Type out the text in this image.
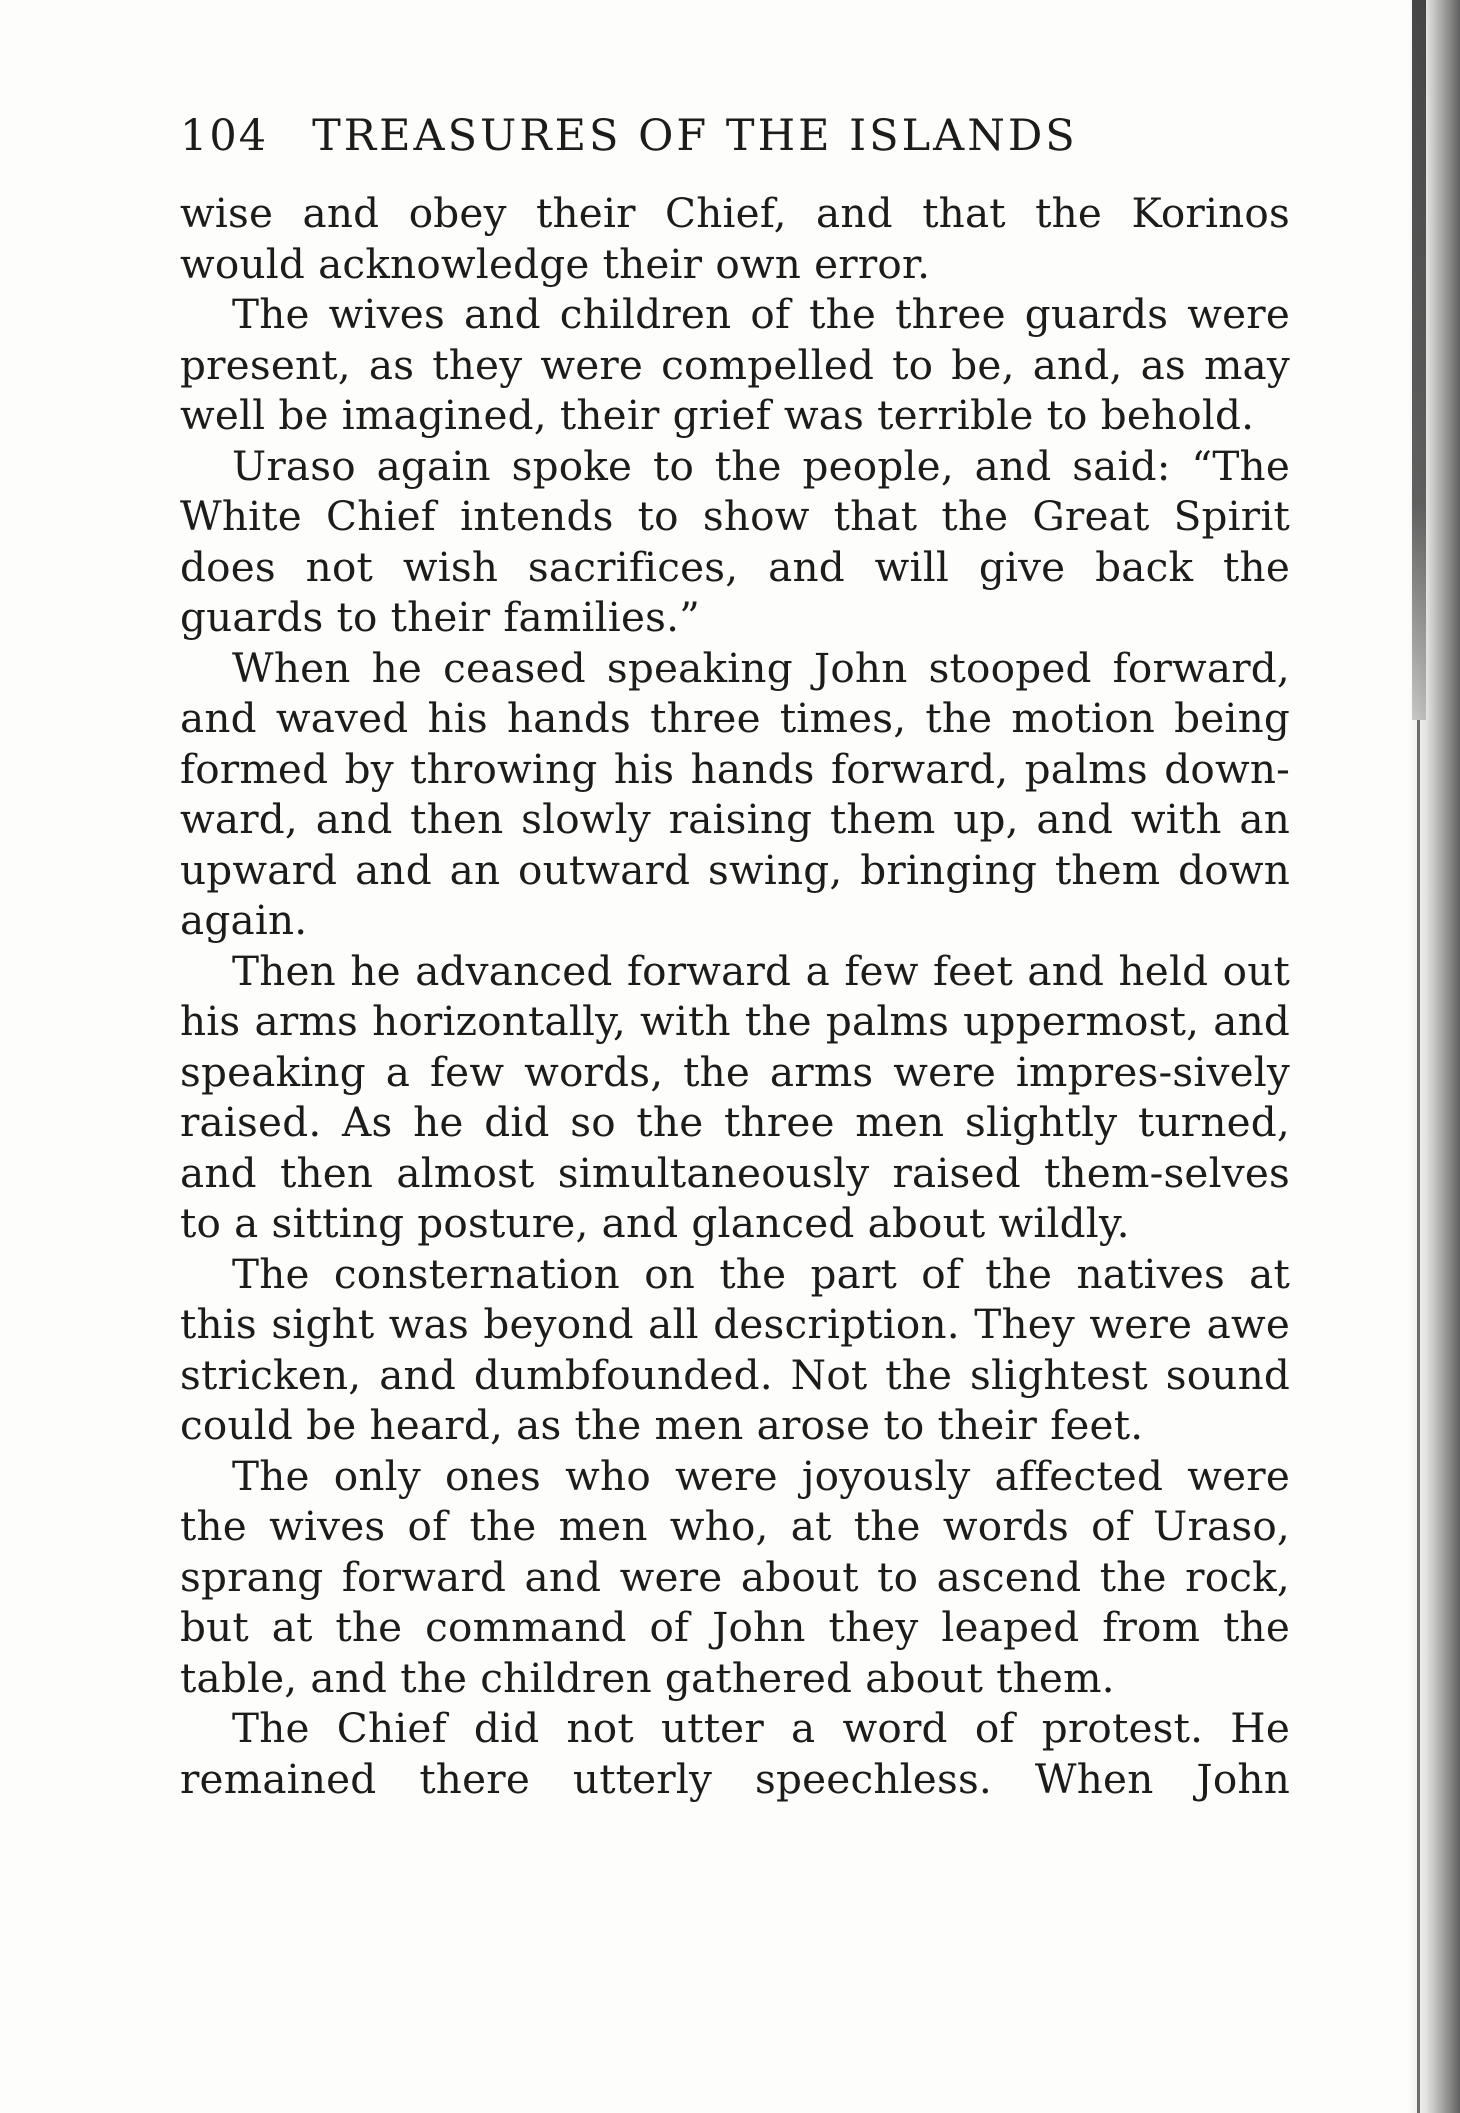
104 TREASURES OF THE ISLANDS

wise and obey their Chief, and that the Korinos would acknowledge their own error.

The wives and children of the three guards were present, as they were compelled to be, and, as may well be imagined, their grief was terrible to behold.

Uraso again spoke to the people, and said: “The White Chief intends to show that the Great Spirit does not wish sacrifices, and will give back the guards to their families.”

When he ceased speaking John stooped forward, and waved his hands three times, the motion being formed by throwing his hands forward, palms down-ward, and then slowly raising them up, and with an upward and an outward swing, bringing them down again.

Then he advanced forward a few feet and held out his arms horizontally, with the palms uppermost, and speaking a few words, the arms were impres-sively raised. As he did so the three men slightly turned, and then almost simultaneously raised them-selves to a sitting posture, and glanced about wildly.

The consternation on the part of the natives at this sight was beyond all description. They were awe stricken, and dumbfounded. Not the slightest sound could be heard, as the men arose to their feet.

The only ones who were joyously affected were the wives of the men who, at the words of Uraso, sprang forward and were about to ascend the rock, but at the command of John they leaped from the table, and the children gathered about them.

The Chief did not utter a word of protest. He remained there utterly speechless. When John
